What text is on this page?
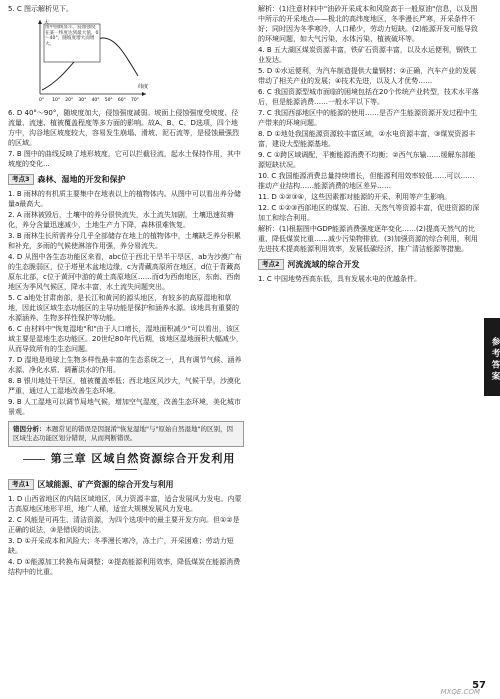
5. C 图示解析见下。

图中曲线显示，侵蚀强度在某一纬度达到最大值，0～40°，随坡度增大而增大。
纬度
大
0° 10° 20° 30° 40° 50° 60° 70°

6. D 40°～90°，随坡度加大，侵蚀强度减弱。坡面上侵蚀强度受坡度、径流量、流速、植被覆盖程度等多方面的影响。故A、B、C、D选项，四个地方中，沟谷地区坡度较大，容易发生崩塌、滑坡、泥石流等，是侵蚀最强烈的区域。

7. B 图中的曲线反映了地形坡度，它可以拦截径流，起水土保持作用，其中坡度的变化...

考点3	森林、湿地的开发和保护

1. B 雨林的有机质主要集中在地表以上的植物体内。从图中可以看出养分储量a最高大。

2. A 雨林被毁后，土壤中的养分很快流失，水土流失加剧，土壤迅速贫瘠化，养分含量迅速减少，土地生产力下降，森林很难恢复。

3. B 雨林生长所需养分几乎全部储存在地上的植物体中，土壤缺乏养分积累和补充，多雨的气候使淋溶作用强，养分易流失。

4. D 从图中各生态功能区来看，abc位于西北干旱半干旱区，ab为沙漠广布的生态脆弱区，位于塔里木盆地边缘，c为青藏高原所在地区，d位于青藏高原东北部，c位于黄河中游的黄土高原地区……而d为西南地区，东南、西南地区为季风气候区，降水丰富，水土流失问题突出。

5. C a地处甘肃南部，是长江和黄河的源头地区，有较多的高原湿地和草地，因此该区域生态功能区的主导功能是保护和涵养水源。该地具有重要的水源涵养、生物多样性保护等功能。

6. C 由材料中"恢复湿地"和"由于人口增长，湿地面积减少"可以看出，该区域主要是湿地生态功能区。20世纪80年代后期，该地区湿地面积大幅减少，从而导致所有的生态问题。

7. D 湿地是地球上生物多样性最丰富的生态系统之一，具有调节气候、涵养水源、净化水质、调蓄洪水的作用。

8. B 银川地处干旱区，植被覆盖率低；西北地区风沙大，气候干旱，沙漠化严重，通过人工湿地改善生态环境。

9. B 人工湿地可以调节局地气候，增加空气湿度，改善生态环境，美化城市景观。

错因分析：本题常见的错误是因混淆"恢复湿地"与"原始自然湿地"的区别，因区域生态功能区划分错误，从而判断错误。
第三章 区域自然资源综合开发利用
考点1	区域能源、矿产资源的综合开发与利用

1. D 山西省地区的内陆区域地区，风力资源丰富，适合发展风力发电。内蒙古高原地区地形平坦，地广人稀，适宜大规模发展风力发电。

2. C 风能是可再生、清洁资源，为四个选项中的最主要开发方向。但①②是正确的说法，③是错误的说法。

3. D ①开采成本和风险大；冬季漫长寒冷，冻土广，开采困难；劳动力短缺。

4. D ①能源加工转换布局调整；②提高能源利用效率，降低煤炭在能源消费结构中的比重。

解析：(1)注意材料中"油砂开采成本和风险高于一般原油"信息，以及图中所示的开采地点——极北的高纬度地区，冬季漫长严寒，开采条件不好；同时因为冬季寒冷，人口稀少，劳动力短缺。(2)能源开发可能导致的环境问题，如大气污染、水体污染、植被破坏等。

4. B 五大湖区煤炭资源丰富，铁矿石资源丰富，以及水运便利，钢铁工业发达。

5. D ①水运便利，为汽车制造提供大量钢材；②正确，汽车产业的发展带动了相关产业的发展；④技术先进，以及人才优势……

6. C 我国资源型城市面临的困境包括在20个传统产业转型，技术水平落后，但是能源消费……一般水平以下等。

7. C 我国西部地区中的能源的使用……是否产生能源资源开发过程中生产带来的环境问题。

8. D ①地处我国能源资源较丰富区域，②水电资源丰富，③煤炭资源丰富，建设大型能源基地。

9. C ①跨区域调配，平衡能源消费不均衡；②西气东输……缓解东部能源短缺状况。

10. C 我国能源消费总量持续增长，但能源利用效率较低……可以……推动产业结构……能源消费的地区差异……

11. D ①②③④，这些因素都对能源的开采、利用等产生影响。

12. C ①②③西部地区的煤炭、石油、天然气等资源丰富，促进资源的深加工和综合利用。

解析：(1)根据图中GDP能源消费强度逐年变化……(2)提高天然气的比重、降低煤炭比重……减少污染物排放。(3)加强资源的综合利用，利用先进技术提高能源利用效率，发展低碳经济，推广清洁能源等措施。

考点2	河流流域的综合开发

1. C 中国地势西高东低，具有发展水电的优越条件。

参考答案
57
MXQE.COM
